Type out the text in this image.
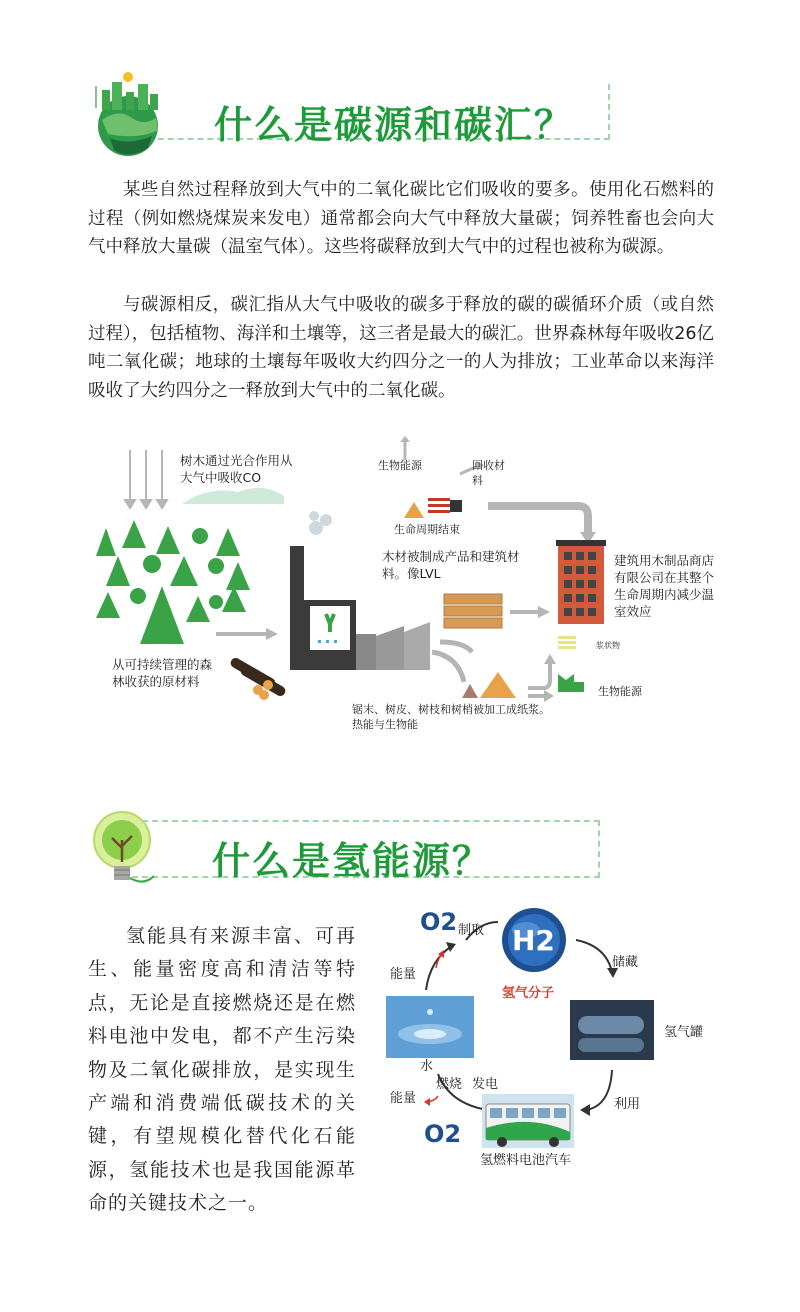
什么是碳源和碳汇？
某些自然过程释放到大气中的二氧化碳比它们吸收的要多。使用化石燃料的过程（例如燃烧煤炭来发电）通常都会向大气中释放大量碳；饲养牲畜也会向大气中释放大量碳（温室气体）。这些将碳释放到大气中的过程也被称为碳源。
与碳源相反，碳汇指从大气中吸收的碳多于释放的碳的碳循环介质（或自然过程），包括植物、海洋和土壤等，这三者是最大的碳汇。世界森林每年吸收26亿吨二氧化碳；地球的土壤每年吸收大约四分之一的人为排放；工业革命以来海洋吸收了大约四分之一释放到大气中的二氧化碳。
树木通过光合作用从大气中吸收CO
从可持续管理的森林收获的原材料
生物能源	回收材料
生命周期结束
木材被制成产品和建筑材料。像LVL
建筑用木制品商店有限公司在其整个生命周期内减少温室效应
浆状物
生物能源
锯末、树皮、树枝和树梢被加工成纸浆。热能与生物能
什么是氢能源？
氢能具有来源丰富、可再生、能量密度高和清洁等特点，无论是直接燃烧还是在燃料电池中发电，都不产生污染物及二氧化碳排放，是实现生产端和消费端低碳技术的关键，有望规模化替代化石能源，氢能技术也是我国能源革命的关键技术之一。
O2 制取 H2
氢气分子
储藏
能量
氢气罐
水
燃烧 发电
利用
能量
O2
氢燃料电池汽车
